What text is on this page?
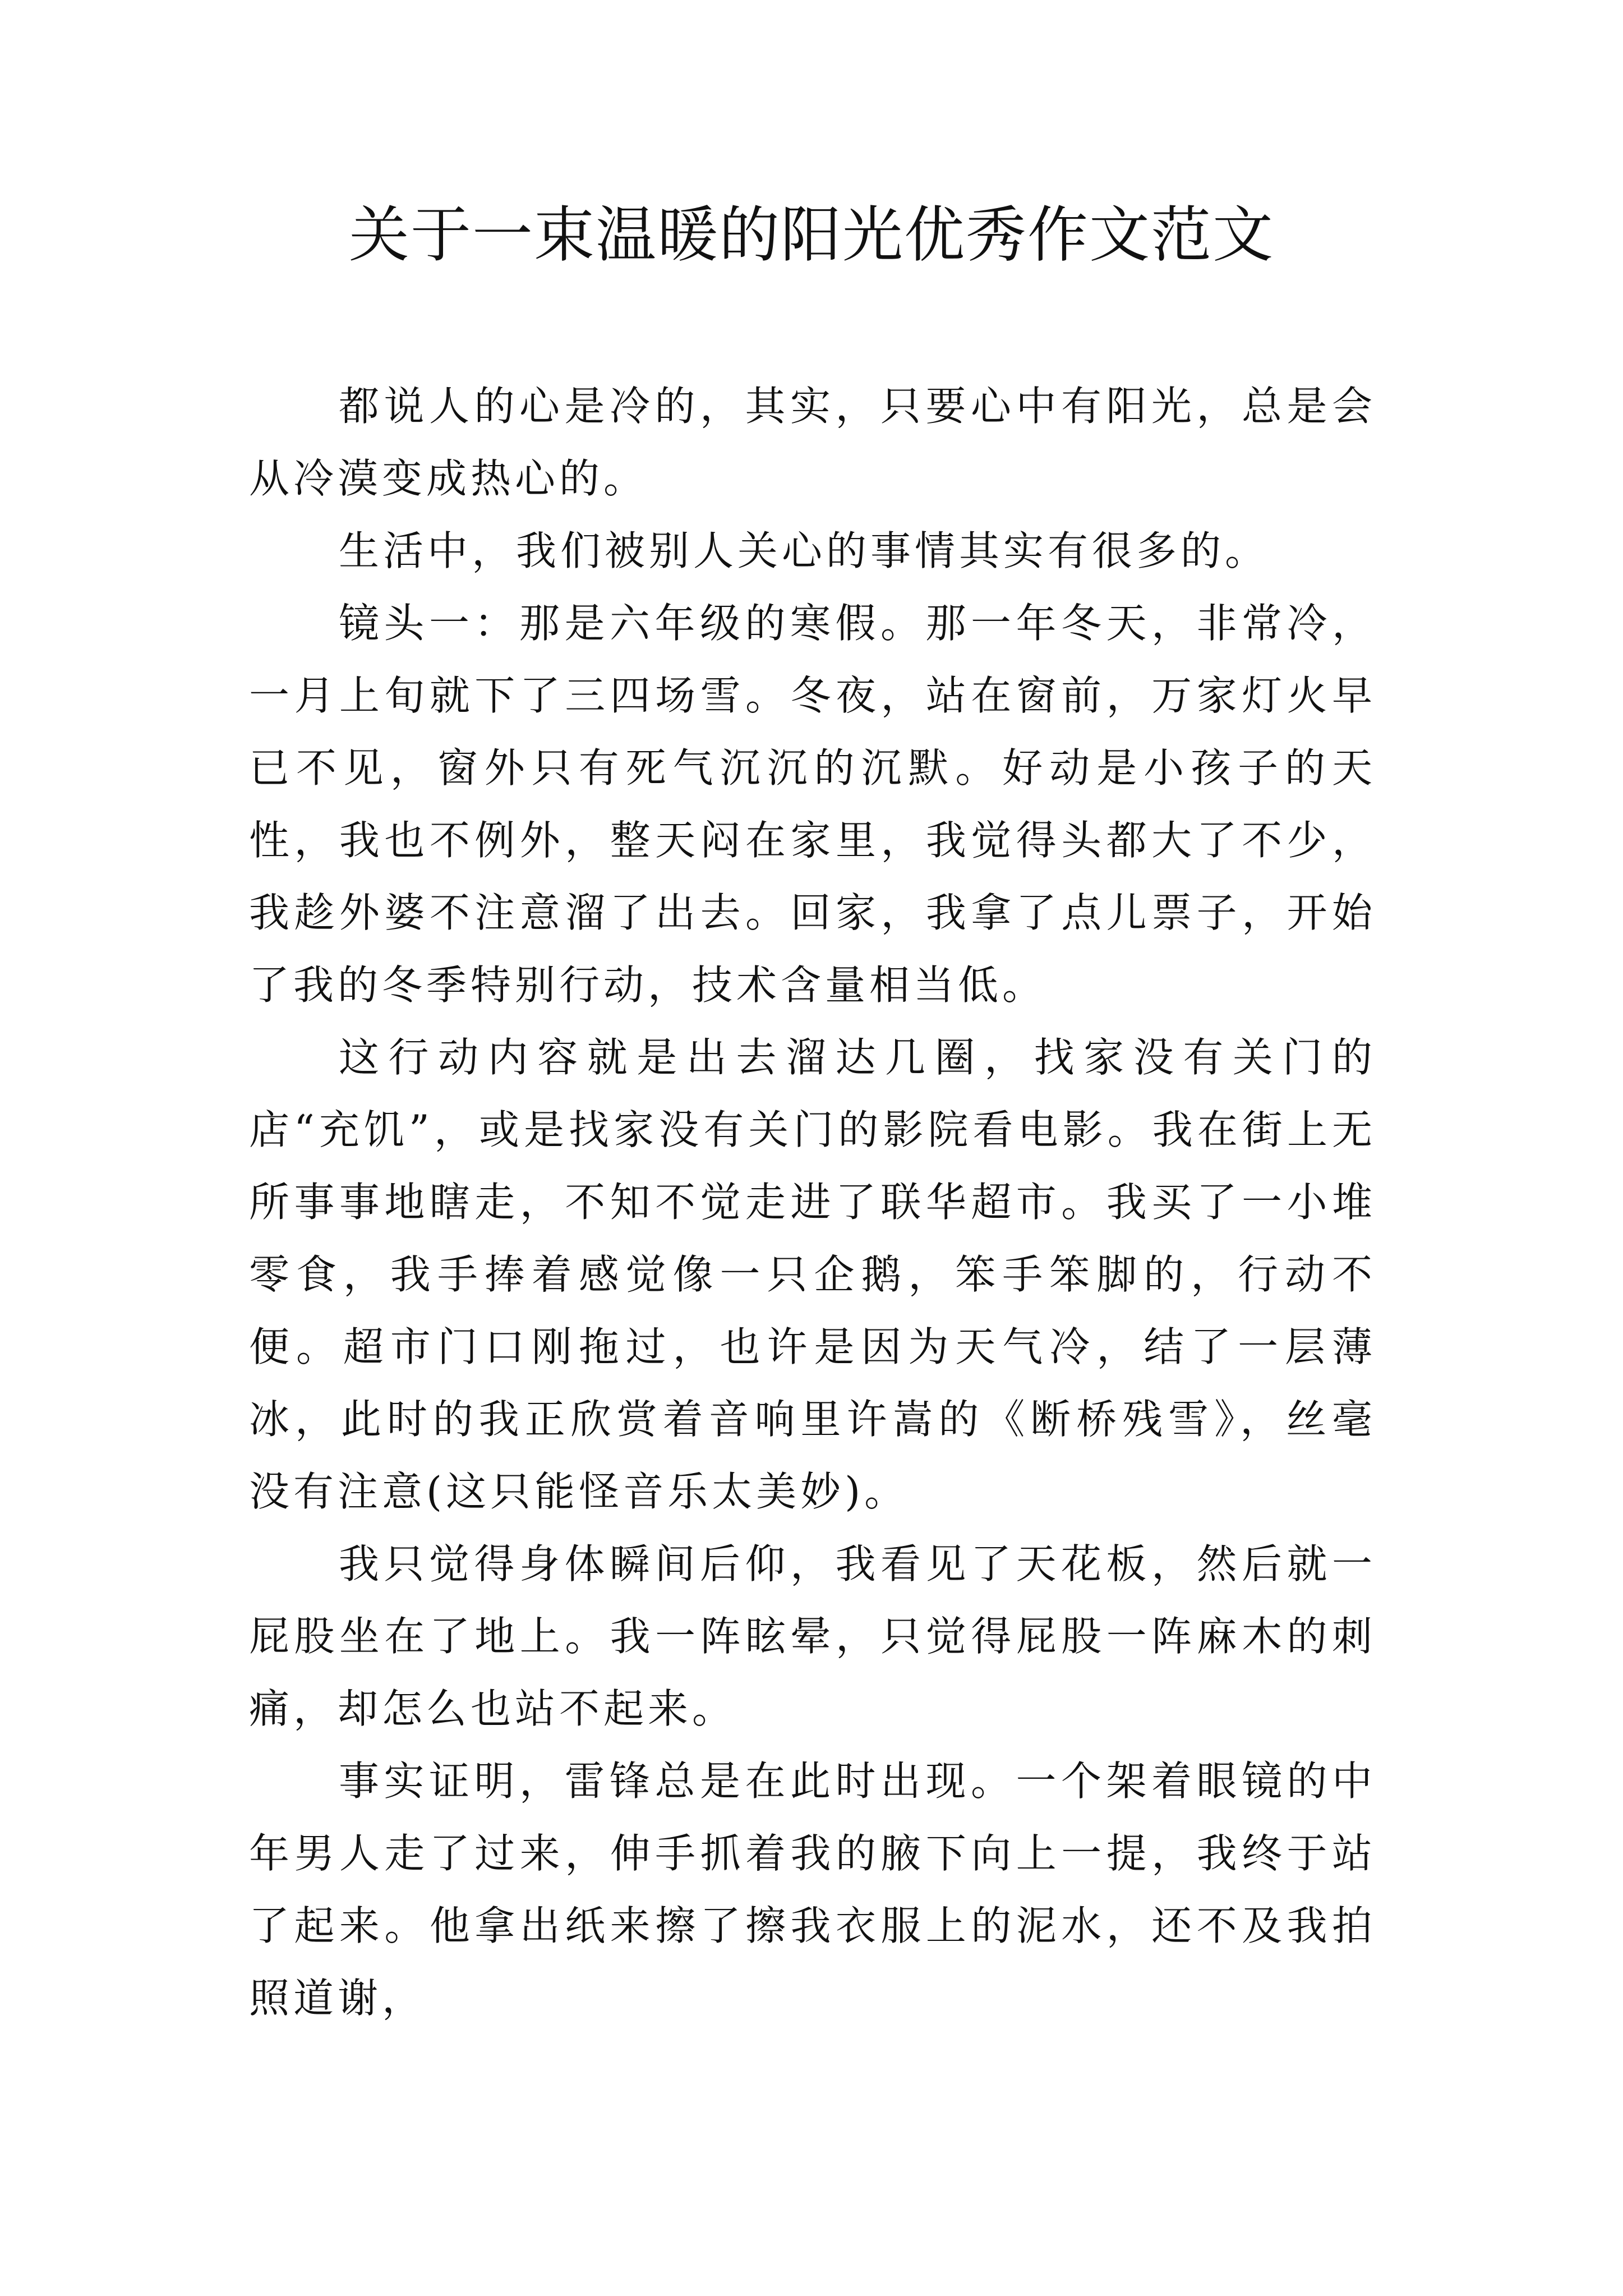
关于一束温暖的阳光优秀作文范文

都说人的心是冷的，其实，只要心中有阳光，总是会从冷漠变成热心的。

生活中，我们被别人关心的事情其实有很多的。

镜头一：那是六年级的寒假。那一年冬天，非常冷，一月上旬就下了三四场雪。冬夜，站在窗前，万家灯火早已不见，窗外只有死气沉沉的沉默。好动是小孩子的天性，我也不例外，整天闷在家里，我觉得头都大了不少，我趁外婆不注意溜了出去。回家，我拿了点儿票子，开始了我的冬季特别行动，技术含量相当低。

这行动内容就是出去溜达几圈，找家没有关门的店“充饥”，或是找家没有关门的影院看电影。我在街上无所事事地瞎走，不知不觉走进了联华超市。我买了一小堆零食，我手捧着感觉像一只企鹅，笨手笨脚的，行动不便。超市门口刚拖过，也许是因为天气冷，结了一层薄冰，此时的我正欣赏着音响里许嵩的《断桥残雪》，丝毫没有注意(这只能怪音乐太美妙)。

我只觉得身体瞬间后仰，我看见了天花板，然后就一屁股坐在了地上。我一阵眩晕，只觉得屁股一阵麻木的刺痛，却怎么也站不起来。

事实证明，雷锋总是在此时出现。一个架着眼镜的中年男人走了过来，伸手抓着我的腋下向上一提，我终于站了起来。他拿出纸来擦了擦我衣服上的泥水，还不及我拍照道谢，
